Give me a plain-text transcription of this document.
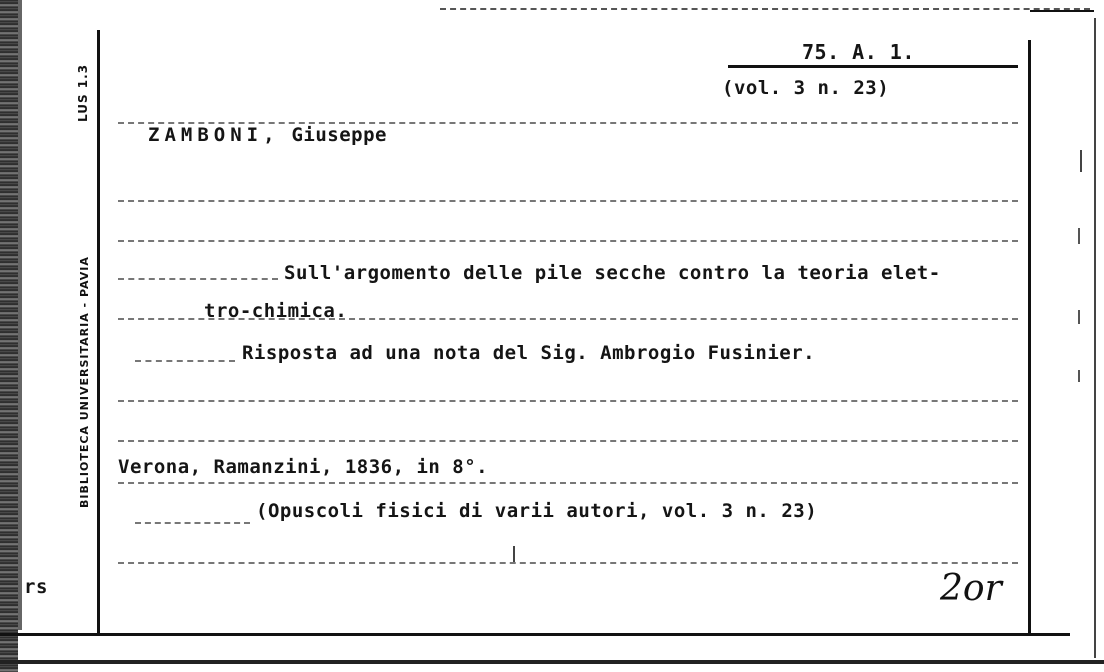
BIBLIOTECA UNIVERSITARIA - PAVIA
LUS 1.3
75. A. 1.
(vol. 3 n. 23)
ZAMBONI, Giuseppe
Sull'argomento delle pile secche contro la teoria elet-
tro-chimica.
Risposta ad una nota del Sig. Ambrogio Fusinier.
Verona, Ramanzini, 1836, in 8°.
(Opuscoli fisici di varii autori, vol. 3 n. 23)
rs	2or
